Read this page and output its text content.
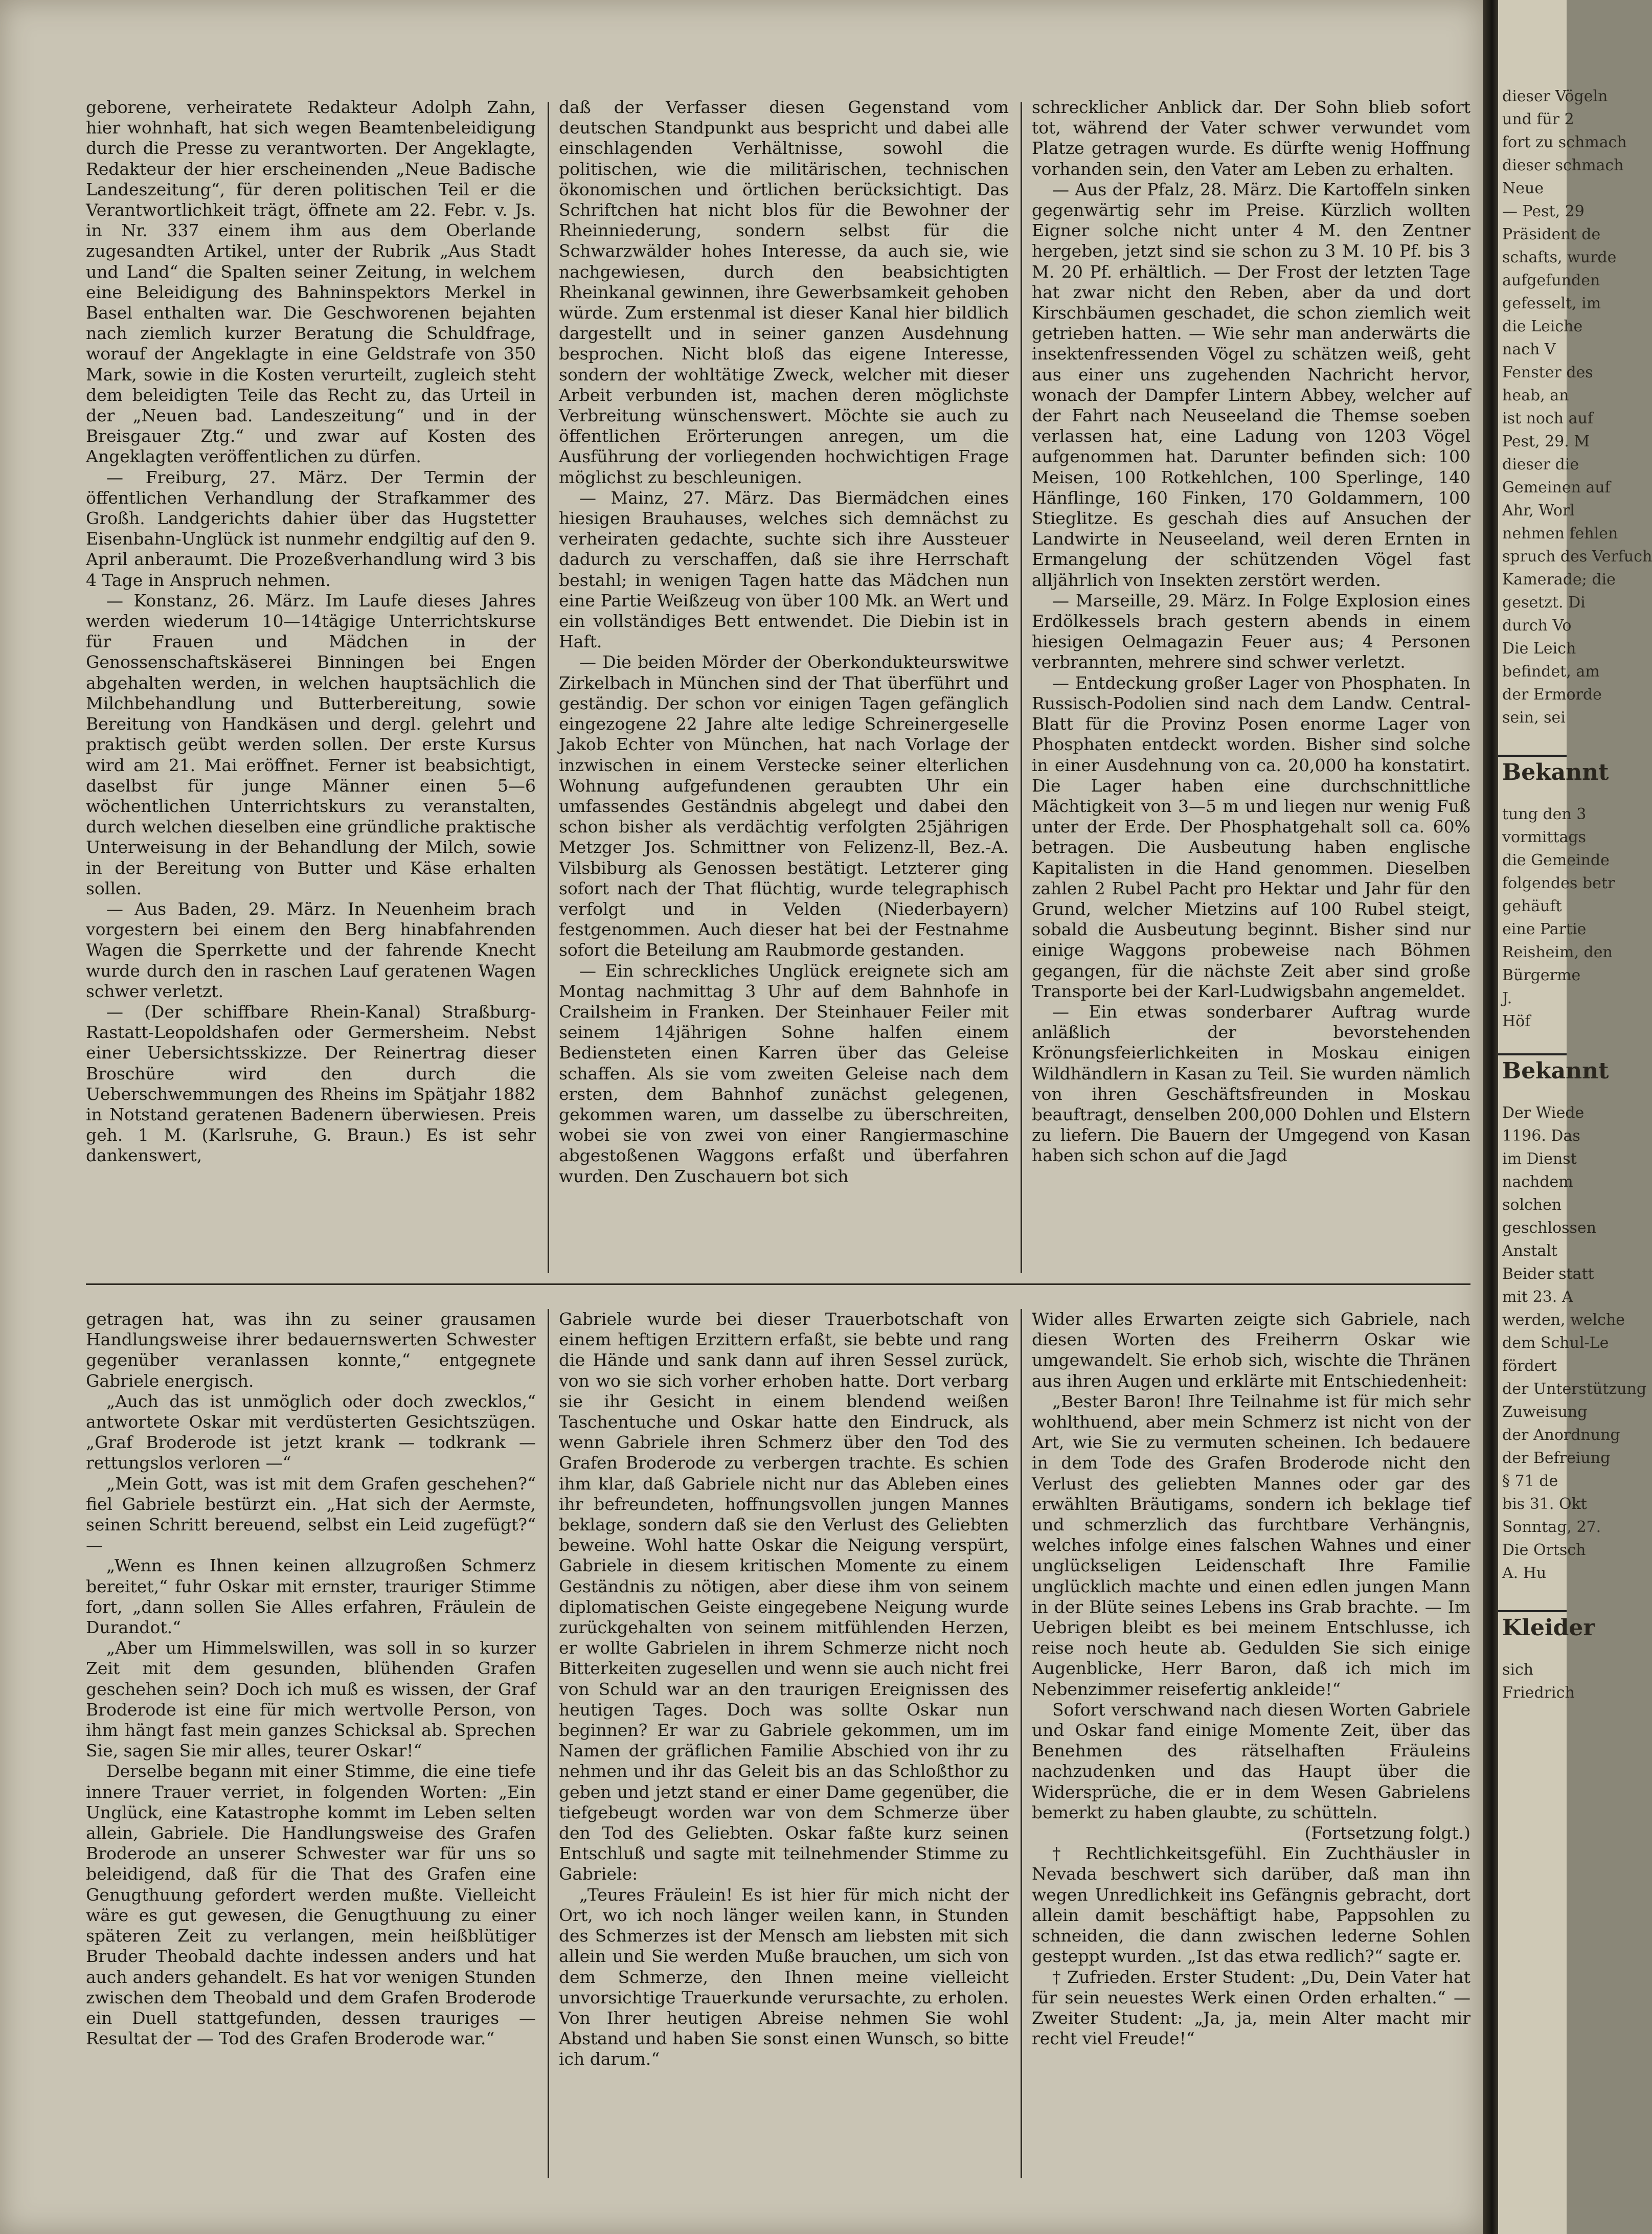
geborene, verheiratete Redakteur Adolph Zahn, hier wohnhaft, hat sich wegen Beamtenbeleidigung durch die Presse zu verantworten. Der Angeklagte, Redakteur der hier erscheinenden „Neue Badische Landeszeitung“, für deren politischen Teil er die Verantwortlichkeit trägt, öffnete am 22. Febr. v. Js. in Nr. 337 einem ihm aus dem Oberlande zugesandten Artikel, unter der Rubrik „Aus Stadt und Land“ die Spalten seiner Zeitung, in welchem eine Beleidigung des Bahninspektors Merkel in Basel enthalten war. Die Geschworenen bejahten nach ziemlich kurzer Beratung die Schuldfrage, worauf der Angeklagte in eine Geldstrafe von 350 Mark, sowie in die Kosten verurteilt, zugleich steht dem beleidigten Teile das Recht zu, das Urteil in der „Neuen bad. Landeszeitung“ und in der Breisgauer Ztg.“ und zwar auf Kosten des Angeklagten veröffentlichen zu dürfen.

— Freiburg, 27. März. Der Termin der öffentlichen Verhandlung der Strafkammer des Großh. Landgerichts dahier über das Hugstetter Eisenbahn-Unglück ist nunmehr endgiltig auf den 9. April anberaumt. Die Prozeßverhandlung wird 3 bis 4 Tage in Anspruch nehmen.

— Konstanz, 26. März. Im Laufe dieses Jahres werden wiederum 10—14tägige Unterrichtskurse für Frauen und Mädchen in der Genossenschaftskäserei Binningen bei Engen abgehalten werden, in welchen hauptsächlich die Milchbehandlung und Butterbereitung, sowie Bereitung von Handkäsen und dergl. gelehrt und praktisch geübt werden sollen. Der erste Kursus wird am 21. Mai eröffnet. Ferner ist beabsichtigt, daselbst für junge Männer einen 5—6 wöchentlichen Unterrichtskurs zu veranstalten, durch welchen dieselben eine gründliche praktische Unterweisung in der Behandlung der Milch, sowie in der Bereitung von Butter und Käse erhalten sollen.

— Aus Baden, 29. März. In Neuenheim brach vorgestern bei einem den Berg hinabfahrenden Wagen die Sperrkette und der fahrende Knecht wurde durch den in raschen Lauf geratenen Wagen schwer verletzt.

— (Der schiffbare Rhein-Kanal) Straßburg-Rastatt-Leopoldshafen oder Germersheim. Nebst einer Uebersichtsskizze. Der Reinertrag dieser Broschüre wird den durch die Ueberschwemmungen des Rheins im Spätjahr 1882 in Notstand geratenen Badenern überwiesen. Preis geh. 1 M. (Karlsruhe, G. Braun.) Es ist sehr dankenswert,

daß der Verfasser diesen Gegenstand vom deutschen Standpunkt aus bespricht und dabei alle einschlagenden Verhältnisse, sowohl die politischen, wie die militärischen, technischen ökonomischen und örtlichen berücksichtigt. Das Schriftchen hat nicht blos für die Bewohner der Rheinniederung, sondern selbst für die Schwarzwälder hohes Interesse, da auch sie, wie nachgewiesen, durch den beabsichtigten Rheinkanal gewinnen, ihre Gewerbsamkeit gehoben würde. Zum erstenmal ist dieser Kanal hier bildlich dargestellt und in seiner ganzen Ausdehnung besprochen. Nicht bloß das eigene Interesse, sondern der wohltätige Zweck, welcher mit dieser Arbeit verbunden ist, machen deren möglichste Verbreitung wünschenswert. Möchte sie auch zu öffentlichen Erörterungen anregen, um die Ausführung der vorliegenden hochwichtigen Frage möglichst zu beschleunigen.

— Mainz, 27. März. Das Biermädchen eines hiesigen Brauhauses, welches sich demnächst zu verheiraten gedachte, suchte sich ihre Aussteuer dadurch zu verschaffen, daß sie ihre Herrschaft bestahl; in wenigen Tagen hatte das Mädchen nun eine Partie Weißzeug von über 100 Mk. an Wert und ein vollständiges Bett entwendet. Die Diebin ist in Haft.

— Die beiden Mörder der Oberkondukteurswitwe Zirkelbach in München sind der That überführt und geständig. Der schon vor einigen Tagen gefänglich eingezogene 22 Jahre alte ledige Schreinergeselle Jakob Echter von München, hat nach Vorlage der inzwischen in einem Verstecke seiner elterlichen Wohnung aufgefundenen geraubten Uhr ein umfassendes Geständnis abgelegt und dabei den schon bisher als verdächtig verfolgten 25jährigen Metzger Jos. Schmittner von Felizenz-ll, Bez.-A. Vilsbiburg als Genossen bestätigt. Letzterer ging sofort nach der That flüchtig, wurde telegraphisch verfolgt und in Velden (Niederbayern) festgenommen. Auch dieser hat bei der Festnahme sofort die Beteilung am Raubmorde gestanden.

— Ein schreckliches Unglück ereignete sich am Montag nachmittag 3 Uhr auf dem Bahnhofe in Crailsheim in Franken. Der Steinhauer Feiler mit seinem 14jährigen Sohne halfen einem Bediensteten einen Karren über das Geleise schaffen. Als sie vom zweiten Geleise nach dem ersten, dem Bahnhof zunächst gelegenen, gekommen waren, um dasselbe zu überschreiten, wobei sie von zwei von einer Rangiermaschine abgestoßenen Waggons erfaßt und überfahren wurden. Den Zuschauern bot sich

schrecklicher Anblick dar. Der Sohn blieb sofort tot, während der Vater schwer verwundet vom Platze getragen wurde. Es dürfte wenig Hoffnung vorhanden sein, den Vater am Leben zu erhalten.

— Aus der Pfalz, 28. März. Die Kartoffeln sinken gegenwärtig sehr im Preise. Kürzlich wollten Eigner solche nicht unter 4 M. den Zentner hergeben, jetzt sind sie schon zu 3 M. 10 Pf. bis 3 M. 20 Pf. erhältlich. — Der Frost der letzten Tage hat zwar nicht den Reben, aber da und dort Kirschbäumen geschadet, die schon ziemlich weit getrieben hatten. — Wie sehr man anderwärts die insektenfressenden Vögel zu schätzen weiß, geht aus einer uns zugehenden Nachricht hervor, wonach der Dampfer Lintern Abbey, welcher auf der Fahrt nach Neuseeland die Themse soeben verlassen hat, eine Ladung von 1203 Vögel aufgenommen hat. Darunter befinden sich: 100 Meisen, 100 Rotkehlchen, 100 Sperlinge, 140 Hänflinge, 160 Finken, 170 Goldammern, 100 Stieglitze. Es geschah dies auf Ansuchen der Landwirte in Neuseeland, weil deren Ernten in Ermangelung der schützenden Vögel fast alljährlich von Insekten zerstört werden.

— Marseille, 29. März. In Folge Explosion eines Erdölkessels brach gestern abends in einem hiesigen Oelmagazin Feuer aus; 4 Personen verbrannten, mehrere sind schwer verletzt.

— Entdeckung großer Lager von Phosphaten. In Russisch-Podolien sind nach dem Landw. Central-Blatt für die Provinz Posen enorme Lager von Phosphaten entdeckt worden. Bisher sind solche in einer Ausdehnung von ca. 20,000 ha konstatirt. Die Lager haben eine durchschnittliche Mächtigkeit von 3—5 m und liegen nur wenig Fuß unter der Erde. Der Phosphatgehalt soll ca. 60% betragen. Die Ausbeutung haben englische Kapitalisten in die Hand genommen. Dieselben zahlen 2 Rubel Pacht pro Hektar und Jahr für den Grund, welcher Mietzins auf 100 Rubel steigt, sobald die Ausbeutung beginnt. Bisher sind nur einige Waggons probeweise nach Böhmen gegangen, für die nächste Zeit aber sind große Transporte bei der Karl-Ludwigsbahn angemeldet.

— Ein etwas sonderbarer Auftrag wurde anläßlich der bevorstehenden Krönungsfeierlichkeiten in Moskau einigen Wildhändlern in Kasan zu Teil. Sie wurden nämlich von ihren Geschäftsfreunden in Moskau beauftragt, denselben 200,000 Dohlen und Elstern zu liefern. Die Bauern der Umgegend von Kasan haben sich schon auf die Jagd

getragen hat, was ihn zu seiner grausamen Handlungsweise ihrer bedauernswerten Schwester gegenüber veranlassen konnte,“ entgegnete Gabriele energisch.

„Auch das ist unmöglich oder doch zwecklos,“ antwortete Oskar mit verdüsterten Gesichtszügen. „Graf Broderode ist jetzt krank — todkrank — rettungslos verloren —“

„Mein Gott, was ist mit dem Grafen geschehen?“ fiel Gabriele bestürzt ein. „Hat sich der Aermste, seinen Schritt bereuend, selbst ein Leid zugefügt?“ —

„Wenn es Ihnen keinen allzugroßen Schmerz bereitet,“ fuhr Oskar mit ernster, trauriger Stimme fort, „dann sollen Sie Alles erfahren, Fräulein de Durandot.“

„Aber um Himmelswillen, was soll in so kurzer Zeit mit dem gesunden, blühenden Grafen geschehen sein? Doch ich muß es wissen, der Graf Broderode ist eine für mich wertvolle Person, von ihm hängt fast mein ganzes Schicksal ab. Sprechen Sie, sagen Sie mir alles, teurer Oskar!“

Derselbe begann mit einer Stimme, die eine tiefe innere Trauer verriet, in folgenden Worten: „Ein Unglück, eine Katastrophe kommt im Leben selten allein, Gabriele. Die Handlungsweise des Grafen Broderode an unserer Schwester war für uns so beleidigend, daß für die That des Grafen eine Genugthuung gefordert werden mußte. Vielleicht wäre es gut gewesen, die Genugthuung zu einer späteren Zeit zu verlangen, mein heißblütiger Bruder Theobald dachte indessen anders und hat auch anders gehandelt. Es hat vor wenigen Stunden zwischen dem Theobald und dem Grafen Broderode ein Duell stattgefunden, dessen trauriges — Resultat der — Tod des Grafen Broderode war.“

Gabriele wurde bei dieser Trauerbotschaft von einem heftigen Erzittern erfaßt, sie bebte und rang die Hände und sank dann auf ihren Sessel zurück, von wo sie sich vorher erhoben hatte. Dort verbarg sie ihr Gesicht in einem blendend weißen Taschentuche und Oskar hatte den Eindruck, als wenn Gabriele ihren Schmerz über den Tod des Grafen Broderode zu verbergen trachte. Es schien ihm klar, daß Gabriele nicht nur das Ableben eines ihr befreundeten, hoffnungsvollen jungen Mannes beklage, sondern daß sie den Verlust des Geliebten beweine. Wohl hatte Oskar die Neigung verspürt, Gabriele in diesem kritischen Momente zu einem Geständnis zu nötigen, aber diese ihm von seinem diplomatischen Geiste eingegebene Neigung wurde zurückgehalten von seinem mitfühlenden Herzen, er wollte Gabrielen in ihrem Schmerze nicht noch Bitterkeiten zugesellen und wenn sie auch nicht frei von Schuld war an den traurigen Ereignissen des heutigen Tages. Doch was sollte Oskar nun beginnen? Er war zu Gabriele gekommen, um im Namen der gräflichen Familie Abschied von ihr zu nehmen und ihr das Geleit bis an das Schloßthor zu geben und jetzt stand er einer Dame gegenüber, die tiefgebeugt worden war von dem Schmerze über den Tod des Geliebten. Oskar faßte kurz seinen Entschluß und sagte mit teilnehmender Stimme zu Gabriele:

„Teures Fräulein! Es ist hier für mich nicht der Ort, wo ich noch länger weilen kann, in Stunden des Schmerzes ist der Mensch am liebsten mit sich allein und Sie werden Muße brauchen, um sich von dem Schmerze, den Ihnen meine vielleicht unvorsichtige Trauerkunde verursachte, zu erholen. Von Ihrer heutigen Abreise nehmen Sie wohl Abstand und haben Sie sonst einen Wunsch, so bitte ich darum.“

Wider alles Erwarten zeigte sich Gabriele, nach diesen Worten des Freiherrn Oskar wie umgewandelt. Sie erhob sich, wischte die Thränen aus ihren Augen und erklärte mit Entschiedenheit:

„Bester Baron! Ihre Teilnahme ist für mich sehr wohlthuend, aber mein Schmerz ist nicht von der Art, wie Sie zu vermuten scheinen. Ich bedauere in dem Tode des Grafen Broderode nicht den Verlust des geliebten Mannes oder gar des erwählten Bräutigams, sondern ich beklage tief und schmerzlich das furchtbare Verhängnis, welches infolge eines falschen Wahnes und einer unglückseligen Leidenschaft Ihre Familie unglücklich machte und einen edlen jungen Mann in der Blüte seines Lebens ins Grab brachte. — Im Uebrigen bleibt es bei meinem Entschlusse, ich reise noch heute ab. Gedulden Sie sich einige Augenblicke, Herr Baron, daß ich mich im Nebenzimmer reisefertig ankleide!“

Sofort verschwand nach diesen Worten Gabriele und Oskar fand einige Momente Zeit, über das Benehmen des rätselhaften Fräuleins nachzudenken und das Haupt über die Widersprüche, die er in dem Wesen Gabrielens bemerkt zu haben glaubte, zu schütteln.

(Fortsetzung folgt.)

† Rechtlichkeitsgefühl. Ein Zuchthäusler in Nevada beschwert sich darüber, daß man ihn wegen Unredlichkeit ins Gefängnis gebracht, dort allein damit beschäftigt habe, Pappsohlen zu schneiden, die dann zwischen lederne Sohlen gesteppt wurden. „Ist das etwa redlich?“ sagte er.

† Zufrieden. Erster Student: „Du, Dein Vater hat für sein neuestes Werk einen Orden erhalten.“ — Zweiter Student: „Ja, ja, mein Alter macht mir recht viel Freude!“

dieser Vögeln
und für 2
fort zu schmach
dieser schmach
Neue
— Pest, 29
Präsident de
schafts, wurde
aufgefunden
gefesselt, im
die Leiche
nach V
Fenster des
heab, an
ist noch auf
Pest, 29. M
dieser die
Gemeinen auf
Ahr, Worl
nehmen fehlen
spruch des Verfuch
Kamerade; die
gesetzt. Di
durch Vo
Die Leich
befindet, am
der Ermorde
sein, sei
Bekannt
tung den 3
vormittags
die Gemeinde
folgendes betr
gehäuft
eine Partie
Reisheim, den
Bürgerme
J.
Höf
Bekannt
Der Wiede
1196. Das
im Dienst
nachdem
solchen
geschlossen
Anstalt
Beider statt
mit 23. A
werden, welche
dem Schul-Le
fördert
der Unterstützung
Zuweisung
der Anordnung
der Befreiung
§ 71 de
bis 31. Okt
Sonntag, 27.
Die Ortsch
A. Hu
Kleider
sich
Friedrich
